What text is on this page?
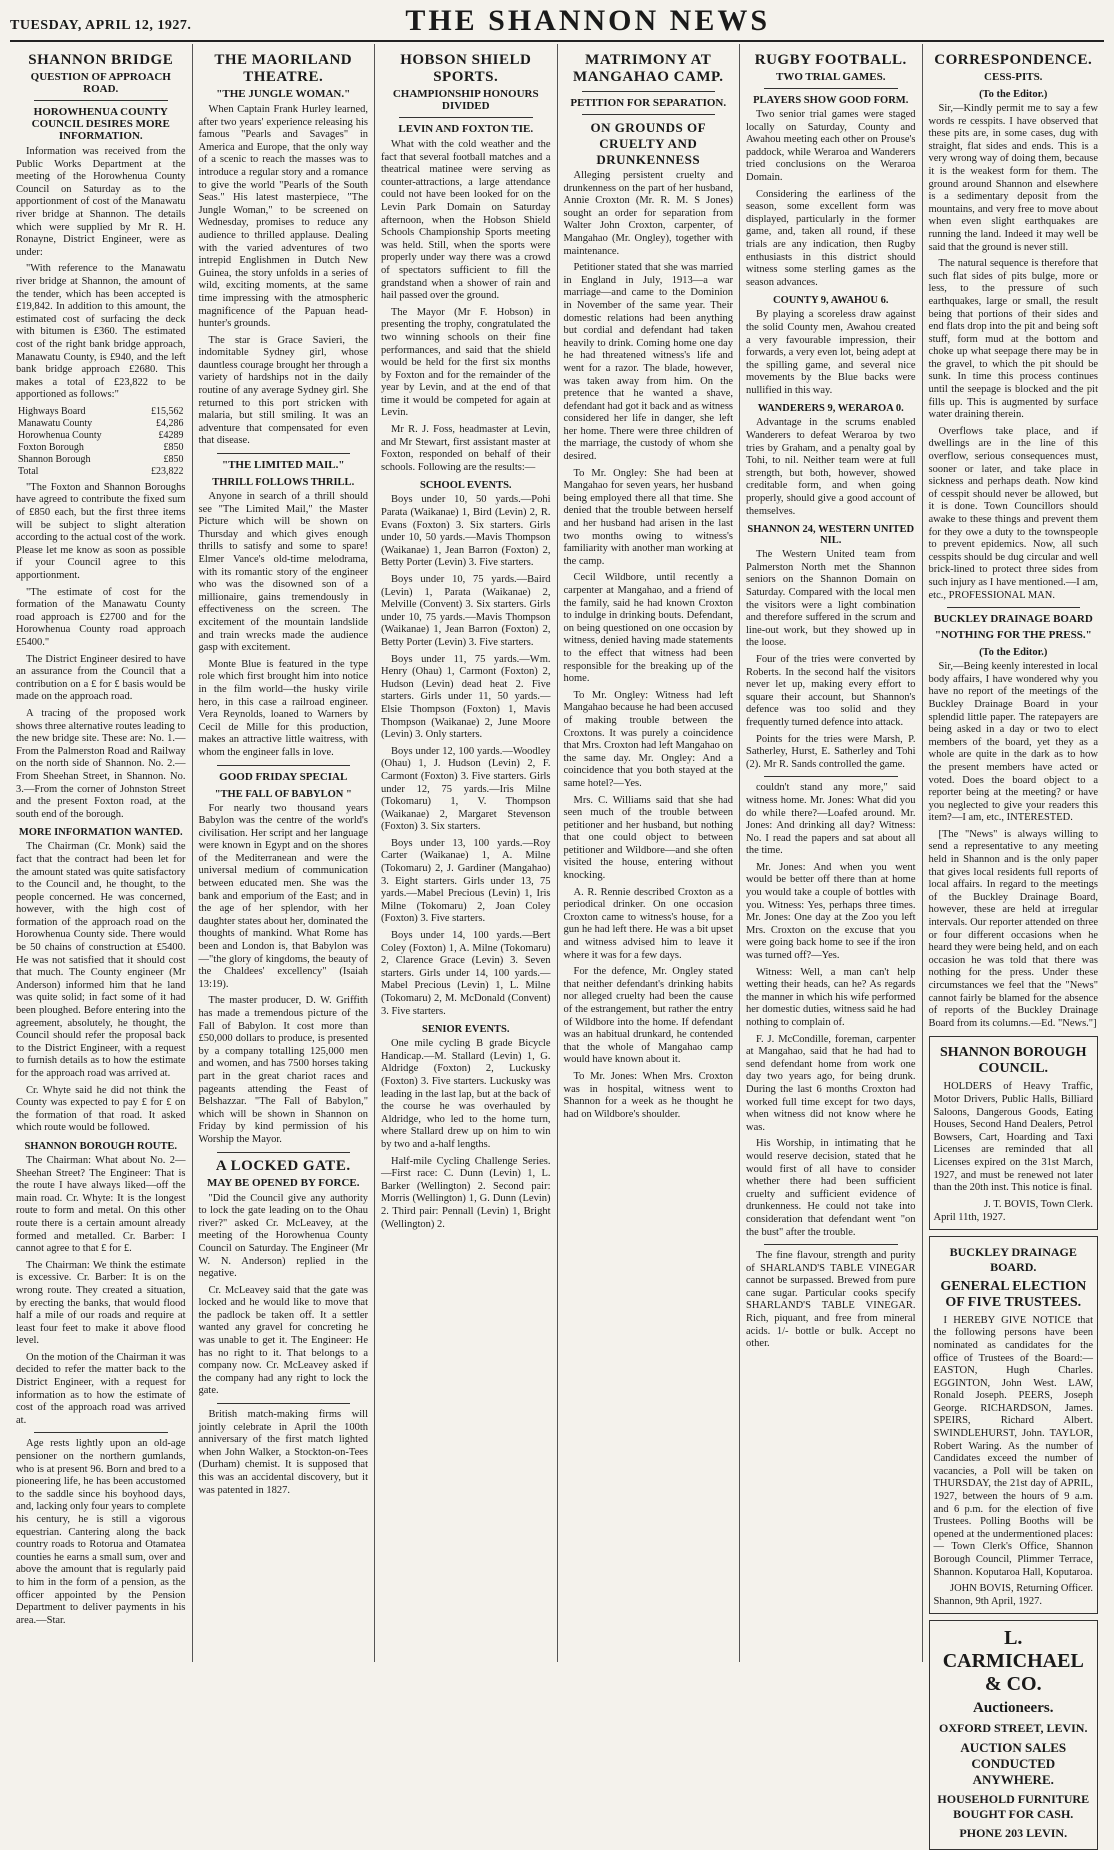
TUESDAY, APRIL 12, 1927.	THE SHANNON NEWS
SHANNON BRIDGE
QUESTION OF APPROACH ROAD.
HOROWHENUA COUNTY COUNCIL DESIRES MORE INFORMATION.

Information was received from the Public Works Department at the meeting of the Horowhenua County Council on Saturday as to the apportionment of cost of the Manawatu river bridge at Shannon. The details which were supplied by Mr R. H. Ronayne, District Engineer, were as under:

"With reference to the Manawatu river bridge at Shannon, the amount of the tender, which has been accepted is £19,842. In addition to this amount, the estimated cost of surfacing the deck with bitumen is £360. The estimated cost of the right bank bridge approach, Manawatu County, is £940, and the left bank bridge approach £2680. This makes a total of £23,822 to be apportioned as follows:"

Highways Board	£15,562
Manawatu County	£4,286
Horowhenua County	£4289
Foxton Borough	£850
Shannon Borough	£850
Total	£23,822

"The Foxton and Shannon Boroughs have agreed to contribute the fixed sum of £850 each, but the first three items will be subject to slight alteration according to the actual cost of the work. Please let me know as soon as possible if your Council agree to this apportionment.

"The estimate of cost for the formation of the Manawatu County road approach is £2700 and for the Horowhenua County road approach £5400."

The District Engineer desired to have an assurance from the Council that a contribution on a £ for £ basis would be made on the approach road.

A tracing of the proposed work shows three alternative routes leading to the new bridge site. These are: No. 1.—From the Palmerston Road and Railway on the north side of Shannon. No. 2.—From Sheehan Street, in Shannon. No. 3.—From the corner of Johnston Street and the present Foxton road, at the south end of the borough.

MORE INFORMATION WANTED.

The Chairman (Cr. Monk) said the fact that the contract had been let for the amount stated was quite satisfactory to the Council and, he thought, to the people concerned. He was concerned, however, with the high cost of formation of the approach road on the Horowhenua County side. There would be 50 chains of construction at £5400. He was not satisfied that it should cost that much. The County engineer (Mr Anderson) informed him that he land was quite solid; in fact some of it had been ploughed. Before entering into the agreement, absolutely, he thought, the Council should refer the proposal back to the District Engineer, with a request to furnish details as to how the estimate for the approach road was arrived at.

Cr. Whyte said he did not think the County was expected to pay £ for £ on the formation of that road. It asked which route would be followed.

SHANNON BOROUGH ROUTE.

The Chairman: What about No. 2—Sheehan Street? The Engineer: That is the route I have always liked—off the main road. Cr. Whyte: It is the longest route to form and metal. On this other route there is a certain amount already formed and metalled. Cr. Barber: I cannot agree to that £ for £.

The Chairman: We think the estimate is excessive. Cr. Barber: It is on the wrong route. They created a situation, by erecting the banks, that would flood half a mile of our roads and require at least four feet to make it above flood level.

On the motion of the Chairman it was decided to refer the matter back to the District Engineer, with a request for information as to how the estimate of cost of the approach road was arrived at.

Age rests lightly upon an old-age pensioner on the northern gumlands, who is at present 96. Born and bred to a pioneering life, he has been accustomed to the saddle since his boyhood days, and, lacking only four years to complete his century, he is still a vigorous equestrian. Cantering along the back country roads to Rotorua and Otamatea counties he earns a small sum, over and above the amount that is regularly paid to him in the form of a pension, as the officer appointed by the Pension Department to deliver payments in his area.—Star.

THE MAORILAND THEATRE.
"THE JUNGLE WOMAN."

When Captain Frank Hurley learned, after two years' experience releasing his famous "Pearls and Savages" in America and Europe, that the only way of a scenic to reach the masses was to introduce a regular story and a romance to give the world "Pearls of the South Seas." His latest masterpiece, "The Jungle Woman," to be screened on Wednesday, promises to reduce any audience to thrilled applause. Dealing with the varied adventures of two intrepid Englishmen in Dutch New Guinea, the story unfolds in a series of wild, exciting moments, at the same time impressing with the atmospheric magnificence of the Papuan head-hunter's grounds.

The star is Grace Savieri, the indomitable Sydney girl, whose dauntless courage brought her through a variety of hardships not in the daily routine of any average Sydney girl. She returned to this port stricken with malaria, but still smiling. It was an adventure that compensated for even that disease.

"THE LIMITED MAIL."
THRILL FOLLOWS THRILL.

Anyone in search of a thrill should see "The Limited Mail," the Master Picture which will be shown on Thursday and which gives enough thrills to satisfy and some to spare! Elmer Vance's old-time melodrama, with its romantic story of the engineer who was the disowned son of a millionaire, gains tremendously in effectiveness on the screen. The excitement of the mountain landslide and train wrecks made the audience gasp with excitement.

Monte Blue is featured in the type role which first brought him into notice in the film world—the husky virile hero, in this case a railroad engineer. Vera Reynolds, loaned to Warners by Cecil de Mille for this production, makes an attractive little waitress, with whom the engineer falls in love.

GOOD FRIDAY SPECIAL
"THE FALL OF BABYLON "

For nearly two thousand years Babylon was the centre of the world's civilisation. Her script and her language were known in Egypt and on the shores of the Mediterranean and were the universal medium of communication between educated men. She was the bank and emporium of the East; and in the age of her splendor, with her daughter states about her, dominated the thoughts of mankind. What Rome has been and London is, that Babylon was—"the glory of kingdoms, the beauty of the Chaldees' excellency" (Isaiah 13:19).

The master producer, D. W. Griffith has made a tremendous picture of the Fall of Babylon. It cost more than £50,000 dollars to produce, is presented by a company totalling 125,000 men and women, and has 7500 horses taking part in the great chariot races and pageants attending the Feast of Belshazzar. "The Fall of Babylon," which will be shown in Shannon on Friday by kind permission of his Worship the Mayor.

A LOCKED GATE.
MAY BE OPENED BY FORCE.

"Did the Council give any authority to lock the gate leading on to the Ohau river?" asked Cr. McLeavey, at the meeting of the Horowhenua County Council on Saturday. The Engineer (Mr W. N. Anderson) replied in the negative.

Cr. McLeavey said that the gate was locked and he would like to move that the padlock be taken off. It a settler wanted any gravel for concreting he was unable to get it. The Engineer: He has no right to it. That belongs to a company now. Cr. McLeavey asked if the company had any right to lock the gate.

British match-making firms will jointly celebrate in April the 100th anniversary of the first match lighted when John Walker, a Stockton-on-Tees (Durham) chemist. It is supposed that this was an accidental discovery, but it was patented in 1827.

HOBSON SHIELD SPORTS.
CHAMPIONSHIP HONOURS DIVIDED
LEVIN AND FOXTON TIE.

What with the cold weather and the fact that several football matches and a theatrical matinee were serving as counter-attractions, a large attendance could not have been looked for on the Levin Park Domain on Saturday afternoon, when the Hobson Shield Schools Championship Sports meeting was held. Still, when the sports were properly under way there was a crowd of spectators sufficient to fill the grandstand when a shower of rain and hail passed over the ground.

The Mayor (Mr F. Hobson) in presenting the trophy, congratulated the two winning schools on their fine performances, and said that the shield would be held for the first six months by Foxton and for the remainder of the year by Levin, and at the end of that time it would be competed for again at Levin.

Mr R. J. Foss, headmaster at Levin, and Mr Stewart, first assistant master at Foxton, responded on behalf of their schools. Following are the results:—

SCHOOL EVENTS.

Boys under 10, 50 yards.—Pohi Parata (Waikanae) 1, Bird (Levin) 2, R. Evans (Foxton) 3. Six starters. Girls under 10, 50 yards.—Mavis Thompson (Waikanae) 1, Jean Barron (Foxton) 2, Betty Porter (Levin) 3. Five starters.

Boys under 10, 75 yards.—Baird (Levin) 1, Parata (Waikanae) 2, Melville (Convent) 3. Six starters. Girls under 10, 75 yards.—Mavis Thompson (Waikanae) 1, Jean Barron (Foxton) 2, Betty Porter (Levin) 3. Five starters.

Boys under 11, 75 yards.—Wm. Henry (Ohau) 1, Carmont (Foxton) 2, Hudson (Levin) dead heat 2. Five starters. Girls under 11, 50 yards.—Elsie Thompson (Foxton) 1, Mavis Thompson (Waikanae) 2, June Moore (Levin) 3. Only starters.

Boys under 12, 100 yards.—Woodley (Ohau) 1, J. Hudson (Levin) 2, F. Carmont (Foxton) 3. Five starters. Girls under 12, 75 yards.—Iris Milne (Tokomaru) 1, V. Thompson (Waikanae) 2, Margaret Stevenson (Foxton) 3. Six starters.

Boys under 13, 100 yards.—Roy Carter (Waikanae) 1, A. Milne (Tokomaru) 2, J. Gardiner (Mangahao) 3. Eight starters. Girls under 13, 75 yards.—Mabel Precious (Levin) 1, Iris Milne (Tokomaru) 2, Joan Coley (Foxton) 3. Five starters.

Boys under 14, 100 yards.—Bert Coley (Foxton) 1, A. Milne (Tokomaru) 2, Clarence Grace (Levin) 3. Seven starters. Girls under 14, 100 yards.—Mabel Precious (Levin) 1, L. Milne (Tokomaru) 2, M. McDonald (Convent) 3. Five starters.

SENIOR EVENTS.

One mile cycling B grade Bicycle Handicap.—M. Stallard (Levin) 1, G. Aldridge (Foxton) 2, Luckusky (Foxton) 3. Five starters. Luckusky was leading in the last lap, but at the back of the course he was overhauled by Aldridge, who led to the home turn, where Stallard drew up on him to win by two and a-half lengths.

Half-mile Cycling Challenge Series.—First race: C. Dunn (Levin) 1, L. Barker (Wellington) 2. Second pair: Morris (Wellington) 1, G. Dunn (Levin) 2. Third pair: Pennall (Levin) 1, Bright (Wellington) 2.

MATRIMONY AT MANGAHAO CAMP.
PETITION FOR SEPARATION.
ON GROUNDS OF CRUELTY AND DRUNKENNESS

Alleging persistent cruelty and drunkenness on the part of her husband, Annie Croxton (Mr. R. M. S Jones) sought an order for separation from Walter John Croxton, carpenter, of Mangahao (Mr. Ongley), together with maintenance.

Petitioner stated that she was married in England in July, 1913—a war marriage—and came to the Dominion in November of the same year. Their domestic relations had been anything but cordial and defendant had taken heavily to drink. Coming home one day he had threatened witness's life and went for a razor. The blade, however, was taken away from him. On the pretence that he wanted a shave, defendant had got it back and as witness considered her life in danger, she left her home. There were three children of the marriage, the custody of whom she desired.

To Mr. Ongley: She had been at Mangahao for seven years, her husband being employed there all that time. She denied that the trouble between herself and her husband had arisen in the last two months owing to witness's familiarity with another man working at the camp.

Cecil Wildbore, until recently a carpenter at Mangahao, and a friend of the family, said he had known Croxton to indulge in drinking bouts. Defendant, on being questioned on one occasion by witness, denied having made statements to the effect that witness had been responsible for the breaking up of the home.

To Mr. Ongley: Witness had left Mangahao because he had been accused of making trouble between the Croxtons. It was purely a coincidence that Mrs. Croxton had left Mangahao on the same day. Mr. Ongley: And a coincidence that you both stayed at the same hotel?—Yes.

Mrs. C. Williams said that she had seen much of the trouble between petitioner and her husband, but nothing that one could object to between petitioner and Wildbore—and she often visited the house, entering without knocking.

A. R. Rennie described Croxton as a periodical drinker. On one occasion Croxton came to witness's house, for a gun he had left there. He was a bit upset and witness advised him to leave it where it was for a few days.

For the defence, Mr. Ongley stated that neither defendant's drinking habits nor alleged cruelty had been the cause of the estrangement, but rather the entry of Wildbore into the home. If defendant was an habitual drunkard, he contended that the whole of Mangahao camp would have known about it.

To Mr. Jones: When Mrs. Croxton was in hospital, witness went to Shannon for a week as he thought he had on Wildbore's shoulder.

RUGBY FOOTBALL.
TWO TRIAL GAMES.
PLAYERS SHOW GOOD FORM.

Two senior trial games were staged locally on Saturday, County and Awahou meeting each other on Prouse's paddock, while Weraroa and Wanderers tried conclusions on the Weraroa Domain.

Considering the earliness of the season, some excellent form was displayed, particularly in the former game, and, taken all round, if these trials are any indication, then Rugby enthusiasts in this district should witness some sterling games as the season advances.

COUNTY 9, AWAHOU 6.

By playing a scoreless draw against the solid County men, Awahou created a very favourable impression, their forwards, a very even lot, being adept at the spilling game, and several nice movements by the Blue backs were nullified in this way.

WANDERERS 9, WERAROA 0.

Advantage in the scrums enabled Wanderers to defeat Weraroa by two tries by Graham, and a penalty goal by Tohi, to nil. Neither team were at full strength, but both, however, showed creditable form, and when going properly, should give a good account of themselves.

SHANNON 24, WESTERN UNITED NIL.

The Western United team from Palmerston North met the Shannon seniors on the Shannon Domain on Saturday. Compared with the local men the visitors were a light combination and therefore suffered in the scrum and line-out work, but they showed up in the loose.

Four of the tries were converted by Roberts. In the second half the visitors never let up, making every effort to square their account, but Shannon's defence was too solid and they frequently turned defence into attack.

Points for the tries were Marsh, P. Satherley, Hurst, E. Satherley and Tohi (2). Mr R. Sands controlled the game.

couldn't stand any more," said witness home. Mr. Jones: What did you do while there?—Loafed around. Mr. Jones: And drinking all day? Witness: No. I read the papers and sat about all the time.

Mr. Jones: And when you went would be better off there than at home you would take a couple of bottles with you. Witness: Yes, perhaps three times. Mr. Jones: One day at the Zoo you left Mrs. Croxton on the excuse that you were going back home to see if the iron was turned off?—Yes.

Witness: Well, a man can't help wetting their heads, can he? As regards the manner in which his wife performed her domestic duties, witness said he had nothing to complain of.

F. J. McCondille, foreman, carpenter at Mangahao, said that he had had to send defendant home from work one day two years ago, for being drunk. During the last 6 months Croxton had worked full time except for two days, when witness did not know where he was.

His Worship, in intimating that he would reserve decision, stated that he would first of all have to consider whether there had been sufficient cruelty and sufficient evidence of drunkenness. He could not take into consideration that defendant went "on the bust" after the trouble.

The fine flavour, strength and purity of SHARLAND'S TABLE VINEGAR cannot be surpassed. Brewed from pure cane sugar. Particular cooks specify SHARLAND'S TABLE VINEGAR. Rich, piquant, and free from mineral acids. 1/- bottle or bulk. Accept no other.

CORRESPONDENCE.
CESS-PITS.
(To the Editor.)

Sir,—Kindly permit me to say a few words re cesspits. I have observed that these pits are, in some cases, dug with straight, flat sides and ends. This is a very wrong way of doing them, because it is the weakest form for them. The ground around Shannon and elsewhere is a sedimentary deposit from the mountains, and very free to move about when even slight earthquakes are running the land. Indeed it may well be said that the ground is never still.

The natural sequence is therefore that such flat sides of pits bulge, more or less, to the pressure of such earthquakes, large or small, the result being that portions of their sides and end flats drop into the pit and being soft stuff, form mud at the bottom and choke up what seepage there may be in the gravel, to which the pit should be sunk. In time this process continues until the seepage is blocked and the pit fills up. This is augmented by surface water draining therein.

Overflows take place, and if dwellings are in the line of this overflow, serious consequences must, sooner or later, and take place in sickness and perhaps death. Now kind of cesspit should never be allowed, but it is done. Town Councillors should awake to these things and prevent them for they owe a duty to the townspeople to prevent epidemics. Now, all such cesspits should be dug circular and well brick-lined to protect three sides from such injury as I have mentioned.—I am, etc., PROFESSIONAL MAN.

BUCKLEY DRAINAGE BOARD
"NOTHING FOR THE PRESS."
(To the Editor.)

Sir,—Being keenly interested in local body affairs, I have wondered why you have no report of the meetings of the Buckley Drainage Board in your splendid little paper. The ratepayers are being asked in a day or two to elect members of the board, yet they as a whole are quite in the dark as to how the present members have acted or voted. Does the board object to a reporter being at the meeting? or have you neglected to give your readers this item?—I am, etc., INTERESTED.

[The "News" is always willing to send a representative to any meeting held in Shannon and is the only paper that gives local residents full reports of local affairs. In regard to the meetings of the Buckley Drainage Board, however, these are held at irregular intervals. Our reporter attended on three or four different occasions when he heard they were being held, and on each occasion he was told that there was nothing for the press. Under these circumstances we feel that the "News" cannot fairly be blamed for the absence of reports of the Buckley Drainage Board from its columns.—Ed. "News."]

SHANNON BOROUGH COUNCIL.

HOLDERS of Heavy Traffic, Motor Drivers, Public Halls, Billiard Saloons, Dangerous Goods, Eating Houses, Second Hand Dealers, Petrol Bowsers, Cart, Hoarding and Taxi Licenses are reminded that all Licenses expired on the 31st March, 1927, and must be renewed not later than the 20th inst. This notice is final.

J. T. BOVIS, Town Clerk.
April 11th, 1927.
BUCKLEY DRAINAGE BOARD.
GENERAL ELECTION OF FIVE TRUSTEES.

I HEREBY GIVE NOTICE that the following persons have been nominated as candidates for the office of Trustees of the Board:— EASTON, Hugh Charles. EGGINTON, John West. LAW, Ronald Joseph. PEERS, Joseph George. RICHARDSON, James. SPEIRS, Richard Albert. SWINDLEHURST, John. TAYLOR, Robert Waring. As the number of Candidates exceed the number of vacancies, a Poll will be taken on THURSDAY, the 21st day of APRIL, 1927, between the hours of 9 a.m. and 6 p.m. for the election of five Trustees. Polling Booths will be opened at the undermentioned places:— Town Clerk's Office, Shannon Borough Council, Plimmer Terrace, Shannon. Koputaroa Hall, Koputaroa.

JOHN BOVIS, Returning Officer.
Shannon, 9th April, 1927.
L. CARMICHAEL & CO.
Auctioneers.
OXFORD STREET, LEVIN.
AUCTION SALES CONDUCTED ANYWHERE.
HOUSEHOLD FURNITURE BOUGHT FOR CASH.
PHONE 203 LEVIN.
